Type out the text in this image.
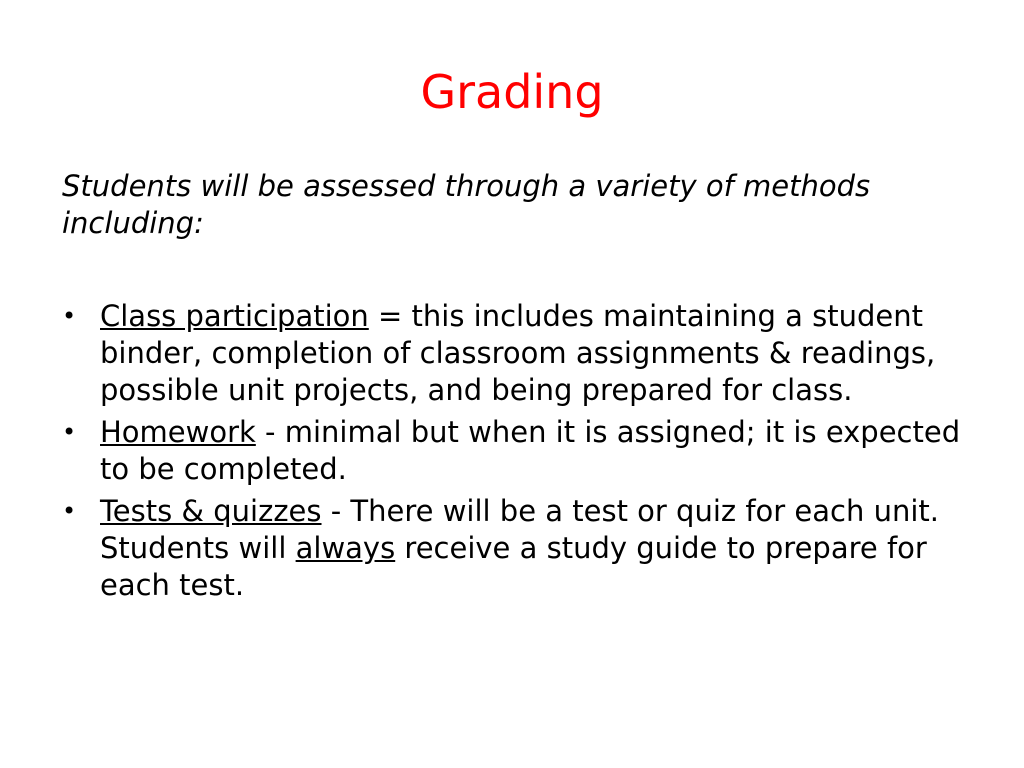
Grading
Students will be assessed through a variety of methods including:
• Class participation = this includes maintaining a student binder, completion of classroom assignments & readings, possible unit projects, and being prepared for class.
• Homework - minimal but when it is assigned; it is expected to be completed.
• Tests & quizzes - There will be a test or quiz for each unit. Students will always receive a study guide to prepare for each test.
